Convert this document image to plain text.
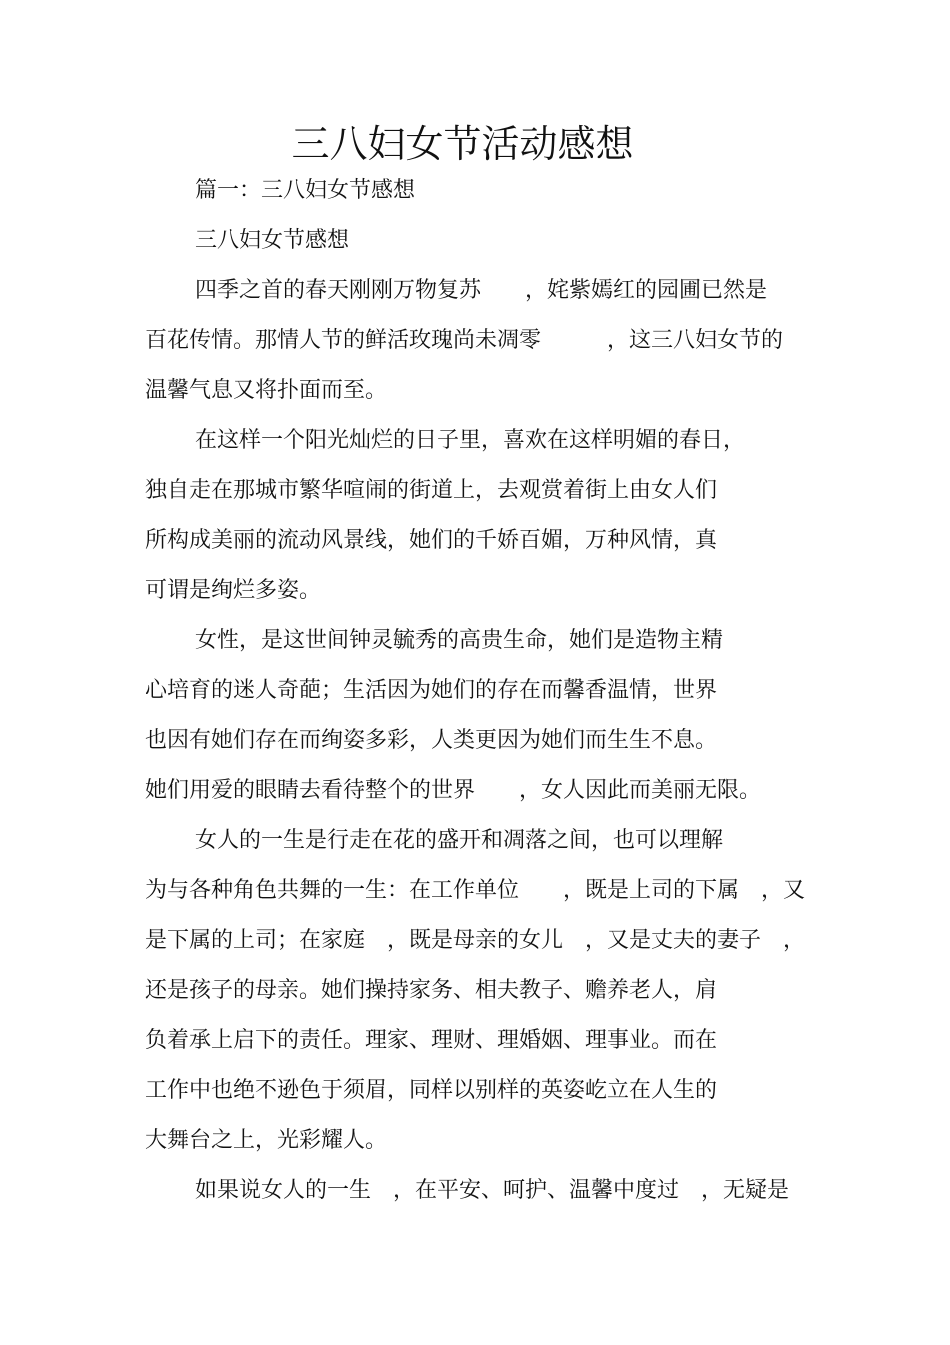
三八妇女节活动感想
篇一：三八妇女节感想
三八妇女节感想
四季之首的春天刚刚万物复苏　　，姹紫嫣红的园圃已然是
百花传情。那情人节的鲜活玫瑰尚未凋零　　　，这三八妇女节的
温馨气息又将扑面而至。
在这样一个阳光灿烂的日子里，喜欢在这样明媚的春日，
独自走在那城市繁华喧闹的街道上，去观赏着街上由女人们
所构成美丽的流动风景线，她们的千娇百媚，万种风情，真
可谓是绚烂多姿。
女性，是这世间钟灵毓秀的高贵生命，她们是造物主精
心培育的迷人奇葩；生活因为她们的存在而馨香温情，世界
也因有她们存在而绚姿多彩，人类更因为她们而生生不息。
她们用爱的眼睛去看待整个的世界　　，女人因此而美丽无限。
女人的一生是行走在花的盛开和凋落之间，也可以理解
为与各种角色共舞的一生：在工作单位　　，既是上司的下属　，又
是下属的上司；在家庭　，既是母亲的女儿　，又是丈夫的妻子　，
还是孩子的母亲。她们操持家务、相夫教子、赡养老人，肩
负着承上启下的责任。理家、理财、理婚姻、理事业。而在
工作中也绝不逊色于须眉，同样以别样的英姿屹立在人生的
大舞台之上，光彩耀人。
如果说女人的一生　，在平安、呵护、温馨中度过　，无疑是
